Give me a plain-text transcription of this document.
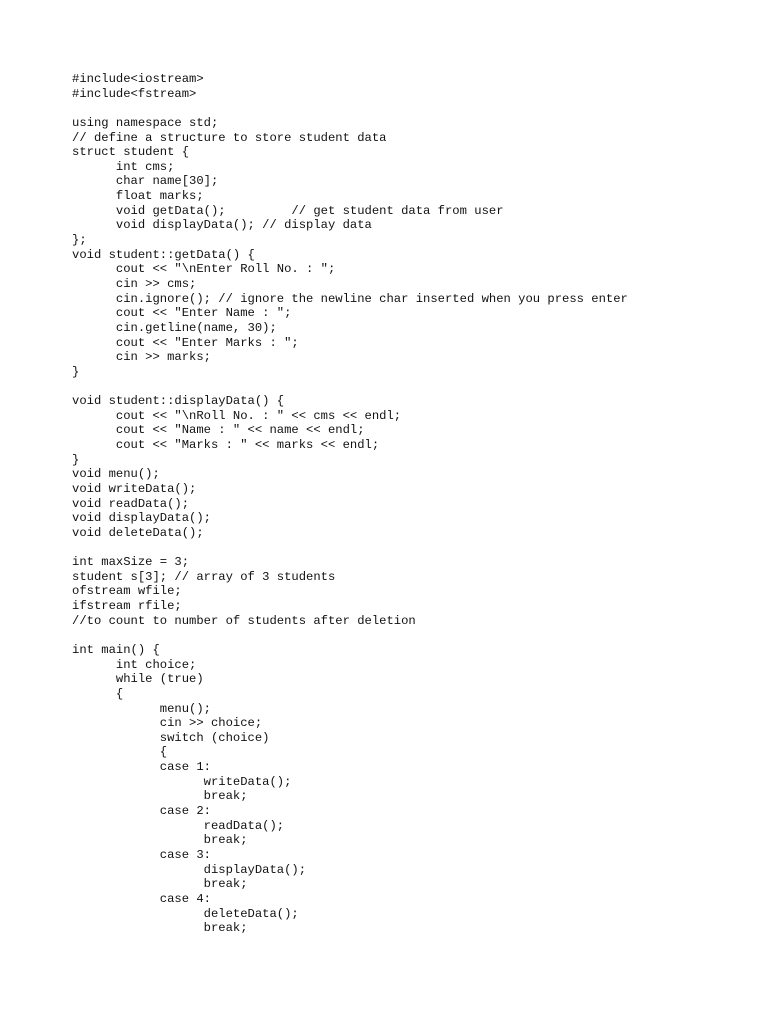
#include<iostream>
#include<fstream>
using namespace std;
// define a structure to store student data
struct student {
int cms;
char name[30];
float marks;
void getData();         // get student data from user
void displayData(); // display data
};
void student::getData() {
cout << "\nEnter Roll No. : ";
cin >> cms;
cin.ignore(); // ignore the newline char inserted when you press enter
cout << "Enter Name : ";
cin.getline(name, 30);
cout << "Enter Marks : ";
cin >> marks;
}
void student::displayData() {
cout << "\nRoll No. : " << cms << endl;
cout << "Name : " << name << endl;
cout << "Marks : " << marks << endl;
}
void menu();
void writeData();
void readData();
void displayData();
void deleteData();
int maxSize = 3;
student s[3]; // array of 3 students
ofstream wfile;
ifstream rfile;
//to count to number of students after deletion
int main() {
int choice;
while (true)
{
menu();
cin >> choice;
switch (choice)
{
case 1:
writeData();
break;
case 2:
readData();
break;
case 3:
displayData();
break;
case 4:
deleteData();
break;
